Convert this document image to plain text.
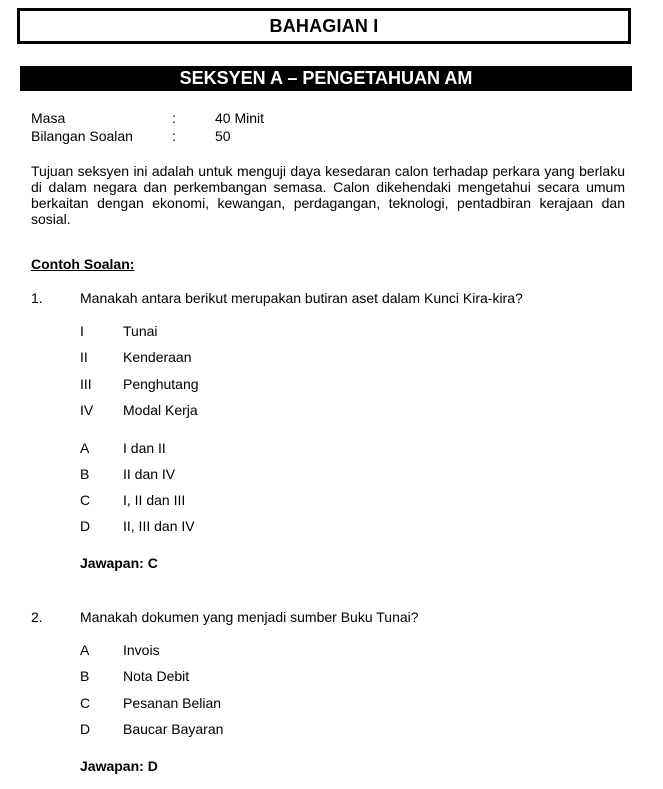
BAHAGIAN I
SEKSYEN A – PENGETAHUAN AM
Masa	:	40 Minit
Bilangan Soalan	:	50

Tujuan seksyen ini adalah untuk menguji daya kesedaran calon terhadap perkara yang berlaku di dalam negara dan perkembangan semasa. Calon dikehendaki mengetahui secara umum berkaitan dengan ekonomi, kewangan, perdagangan, teknologi, pentadbiran kerajaan dan sosial.

Contoh Soalan:
1.	Manakah antara berikut merupakan butiran aset dalam Kunci Kira-kira?
I	Tunai
II	Kenderaan
III Penghutang
IV Modal Kerja
A I dan II
B II dan IV
C I, II dan III
D II, III dan IV
Jawapan: C
2.	Manakah dokumen yang menjadi sumber Buku Tunai?
A Invois
B Nota Debit
C Pesanan Belian
D Baucar Bayaran
Jawapan: D
